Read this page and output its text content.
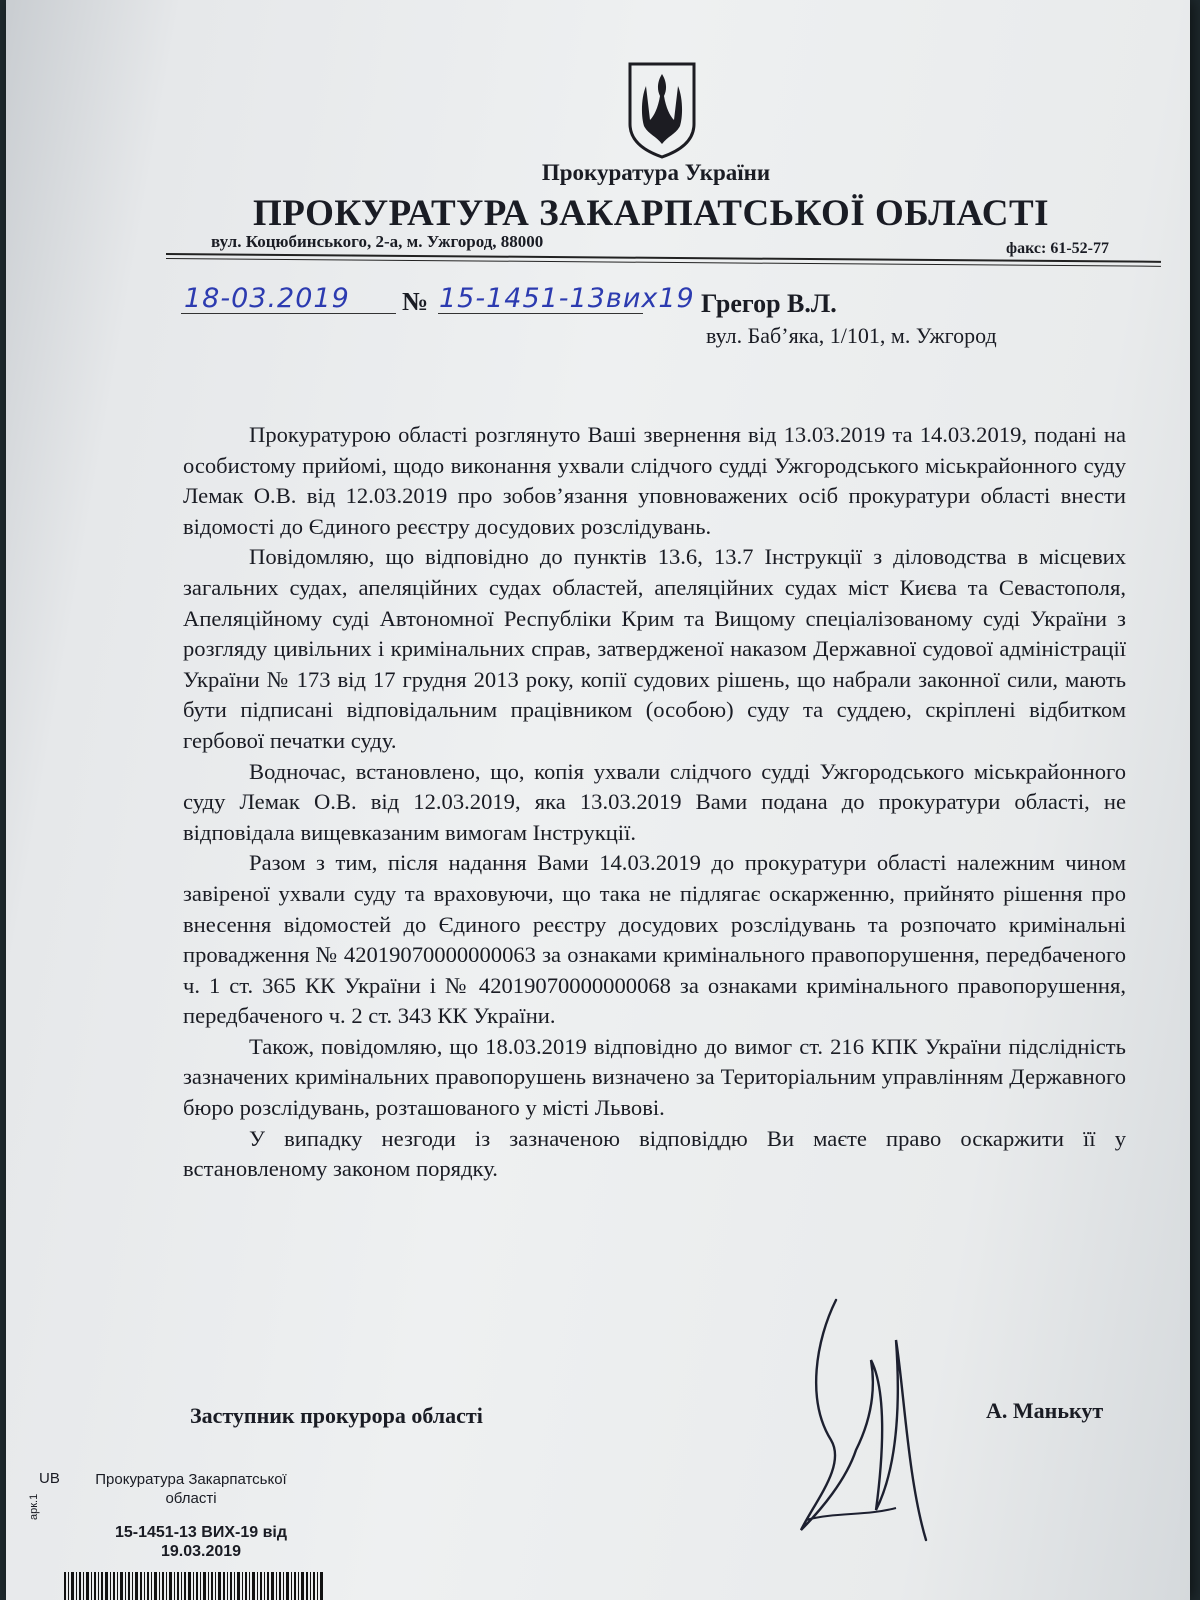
Прокуратура України
ПРОКУРАТУРА ЗАКАРПАТСЬКОЇ ОБЛАСТІ
вул. Коцюбинського, 2-а, м. Ужгород, 88000	факс: 61-52-77
18-03.2019 № 15-1451-13вих19 Грегор В.Л.
вул. Баб’яка, 1/101, м. Ужгород

Прокуратурою області розглянуто Ваші звернення від 13.03.2019 та 14.03.2019, подані на особистому прийомі, щодо виконання ухвали слідчого судді Ужгородського міськрайонного суду Лемак О.В. від 12.03.2019 про зобов’язання уповноважених осіб прокуратури області внести відомості до Єдиного реєстру досудових розслідувань.

Повідомляю, що відповідно до пунктів 13.6, 13.7 Інструкції з діловодства в місцевих загальних судах, апеляційних судах областей, апеляційних судах міст Києва та Севастополя, Апеляційному суді Автономної Республіки Крим та Вищому спеціалізованому суді України з розгляду цивільних і кримінальних справ, затвердженої наказом Державної судової адміністрації України № 173 від 17 грудня 2013 року, копії судових рішень, що набрали законної сили, мають бути підписані відповідальним працівником (особою) суду та суддею, скріплені відбитком гербової печатки суду.

Водночас, встановлено, що, копія ухвали слідчого судді Ужгородського міськрайонного суду Лемак О.В. від 12.03.2019, яка 13.03.2019 Вами подана до прокуратури області, не відповідала вищевказаним вимогам Інструкції.

Разом з тим, після надання Вами 14.03.2019 до прокуратури області належним чином завіреної ухвали суду та враховуючи, що така не підлягає оскарженню, прийнято рішення про внесення відомостей до Єдиного реєстру досудових розслідувань та розпочато кримінальні провадження № 42019070000000063 за ознаками кримінального правопорушення, передбаченого ч. 1 ст. 365 КК України і № 42019070000000068 за ознаками кримінального правопорушення, передбаченого ч. 2 ст. 343 КК України.

Також, повідомляю, що 18.03.2019 відповідно до вимог ст. 216 КПК України підслідність зазначених кримінальних правопорушень визначено за Територіальним управлінням Державного бюро розслідувань, розташованого у місті Львові.

У випадку незгоди із зазначеною відповіддю Ви маєте право оскаржити її у встановленому законом порядку.

Заступник прокурора області	А. Манькут
UB	Прокуратура Закарпатської області
15-1451-13 ВИХ-19 від
19.03.2019
арк.1
